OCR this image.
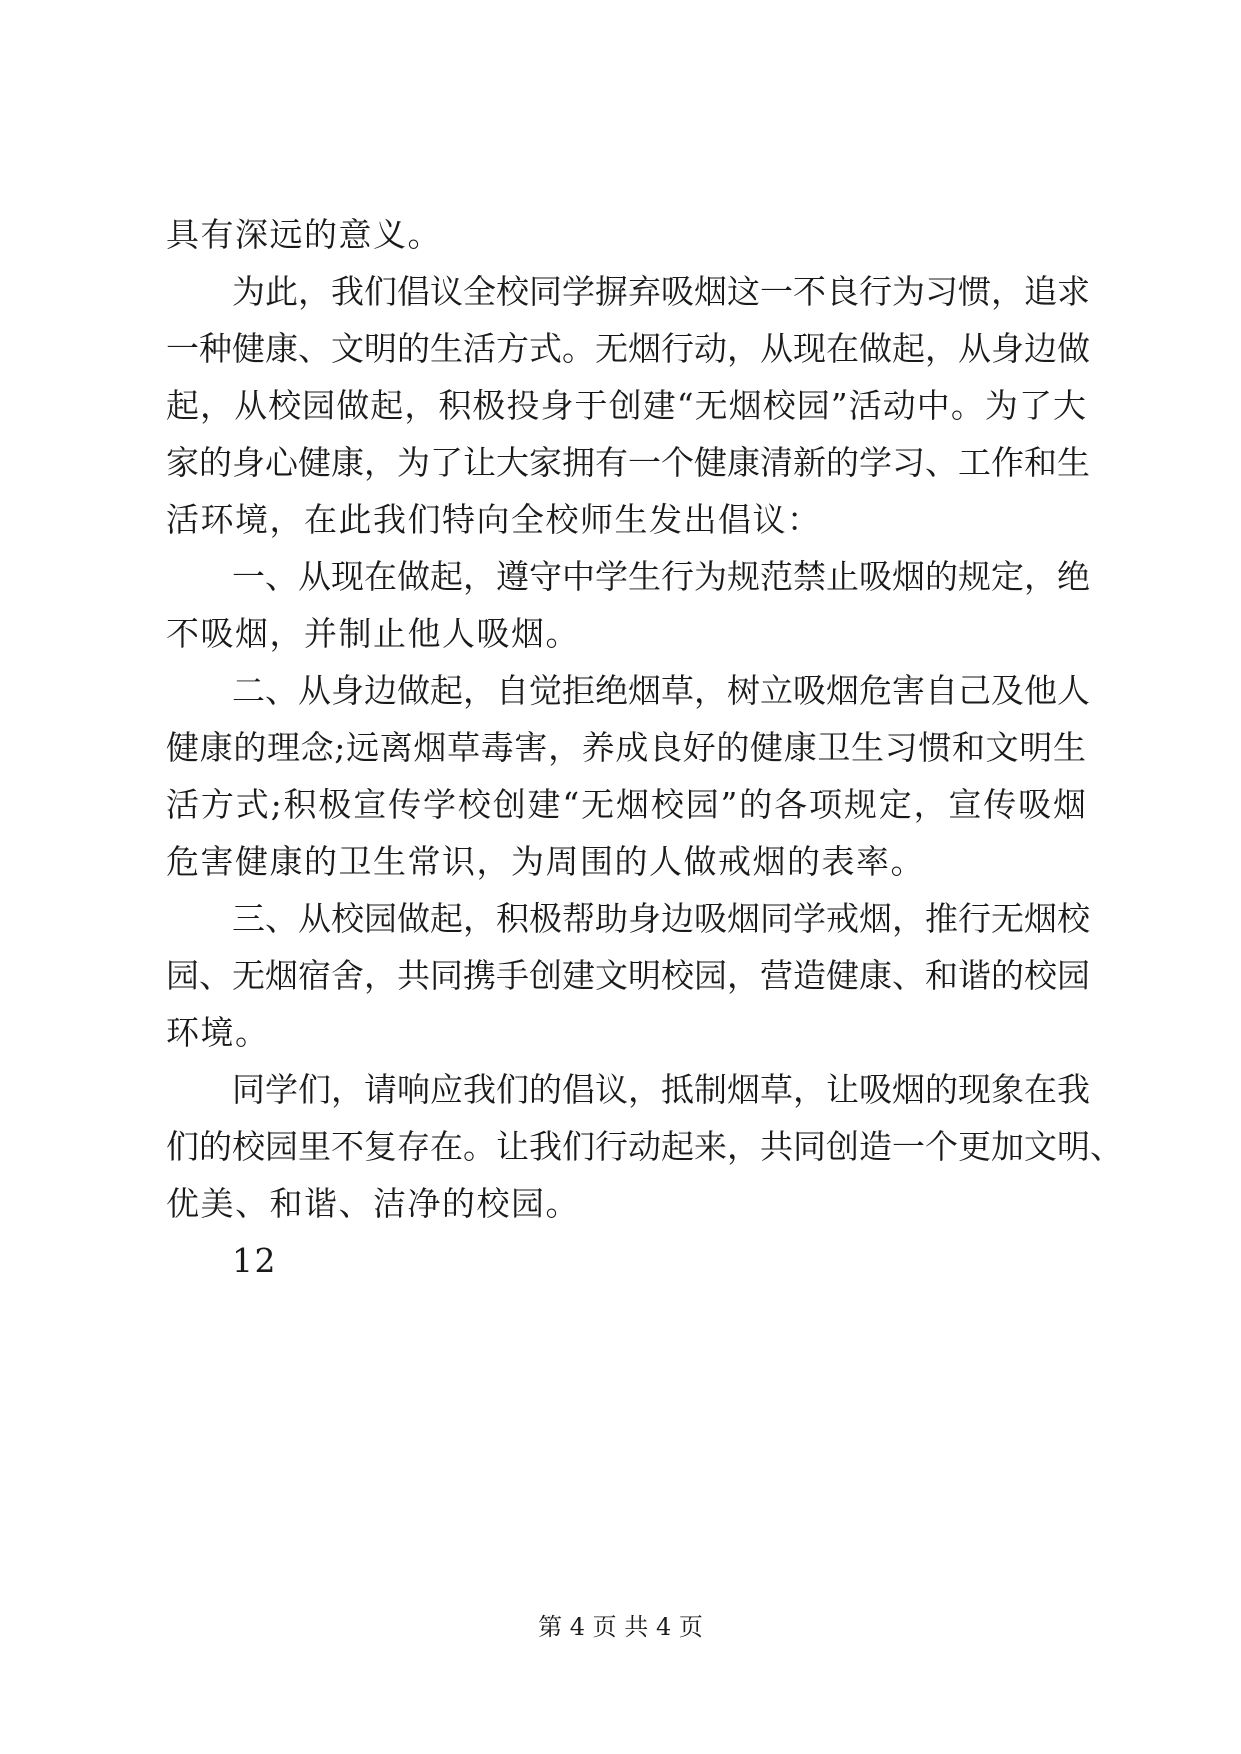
具有深远的意义。
为此，我们倡议全校同学摒弃吸烟这一不良行为习惯，追求
一种健康、文明的生活方式。无烟行动，从现在做起，从身边做
起，从校园做起，积极投身于创建“无烟校园”活动中。为了大
家的身心健康，为了让大家拥有一个健康清新的学习、工作和生
活环境，在此我们特向全校师生发出倡议：
一、从现在做起，遵守中学生行为规范禁止吸烟的规定，绝
不吸烟，并制止他人吸烟。
二、从身边做起，自觉拒绝烟草，树立吸烟危害自己及他人
健康的理念;远离烟草毒害，养成良好的健康卫生习惯和文明生
活方式;积极宣传学校创建“无烟校园”的各项规定，宣传吸烟
危害健康的卫生常识，为周围的人做戒烟的表率。
三、从校园做起，积极帮助身边吸烟同学戒烟，推行无烟校
园、无烟宿舍，共同携手创建文明校园，营造健康、和谐的校园
环境。
同学们，请响应我们的倡议，抵制烟草，让吸烟的现象在我
们的校园里不复存在。让我们行动起来，共同创造一个更加文明、
优美、和谐、洁净的校园。
12
第 4 页 共 4 页
